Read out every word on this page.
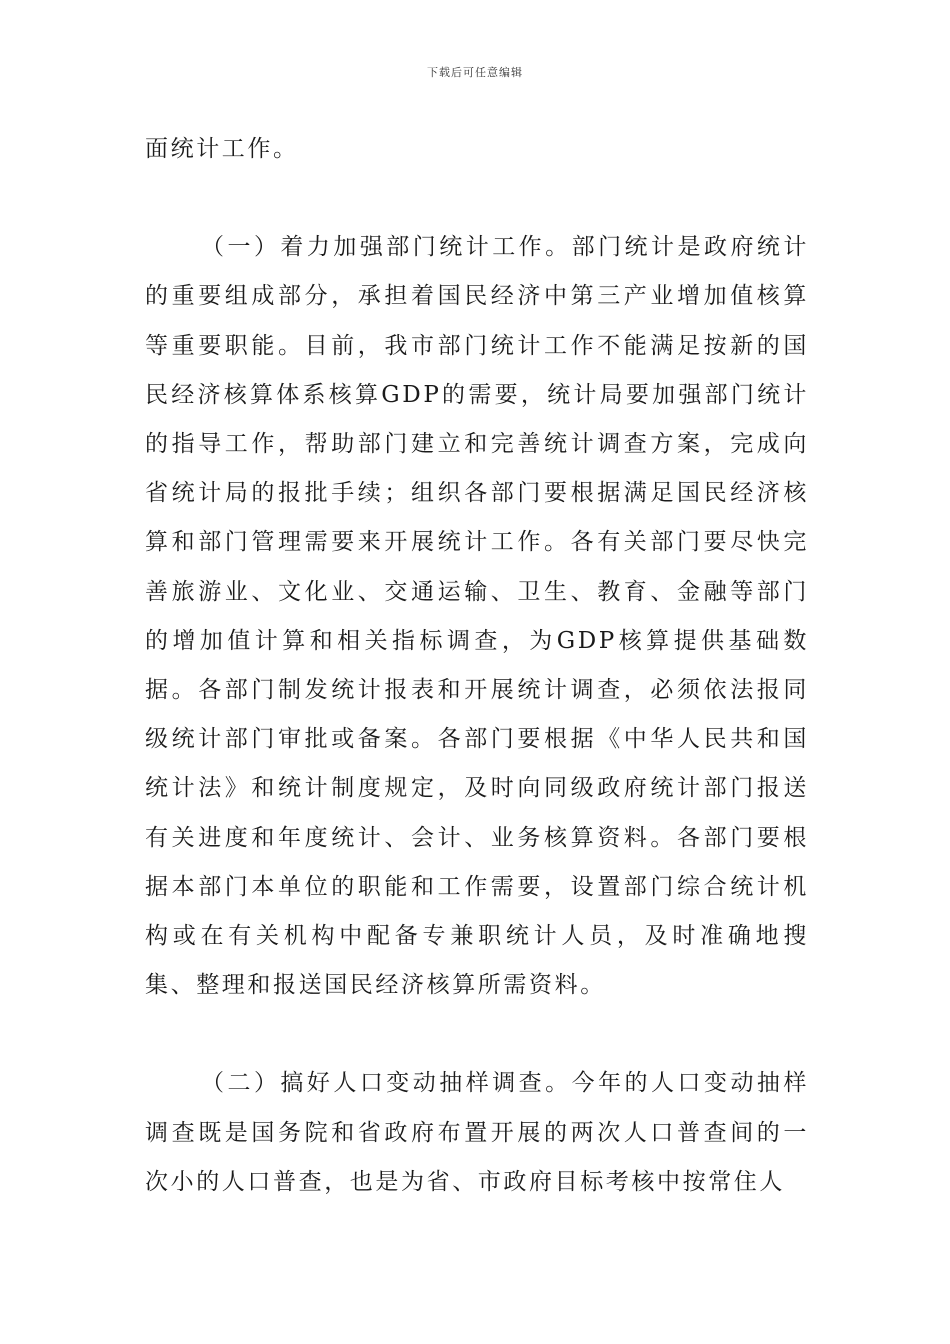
下载后可任意编辑

面统计工作。

（一）着力加强部门统计工作。部门统计是政府统计的重要组成部分，承担着国民经济中第三产业增加值核算等重要职能。目前，我市部门统计工作不能满足按新的国民经济核算体系核算GDP的需要，统计局要加强部门统计的指导工作，帮助部门建立和完善统计调查方案，完成向省统计局的报批手续；组织各部门要根据满足国民经济核算和部门管理需要来开展统计工作。各有关部门要尽快完善旅游业、文化业、交通运输、卫生、教育、金融等部门的增加值计算和相关指标调查，为GDP核算提供基础数据。各部门制发统计报表和开展统计调查，必须依法报同级统计部门审批或备案。各部门要根据《中华人民共和国统计法》和统计制度规定，及时向同级政府统计部门报送有关进度和年度统计、会计、业务核算资料。各部门要根据本部门本单位的职能和工作需要，设置部门综合统计机构或在有关机构中配备专兼职统计人员，及时准确地搜集、整理和报送国民经济核算所需资料。

（二）搞好人口变动抽样调查。今年的人口变动抽样调查既是国务院和省政府布置开展的两次人口普查间的一次小的人口普查，也是为省、市政府目标考核中按常住人
